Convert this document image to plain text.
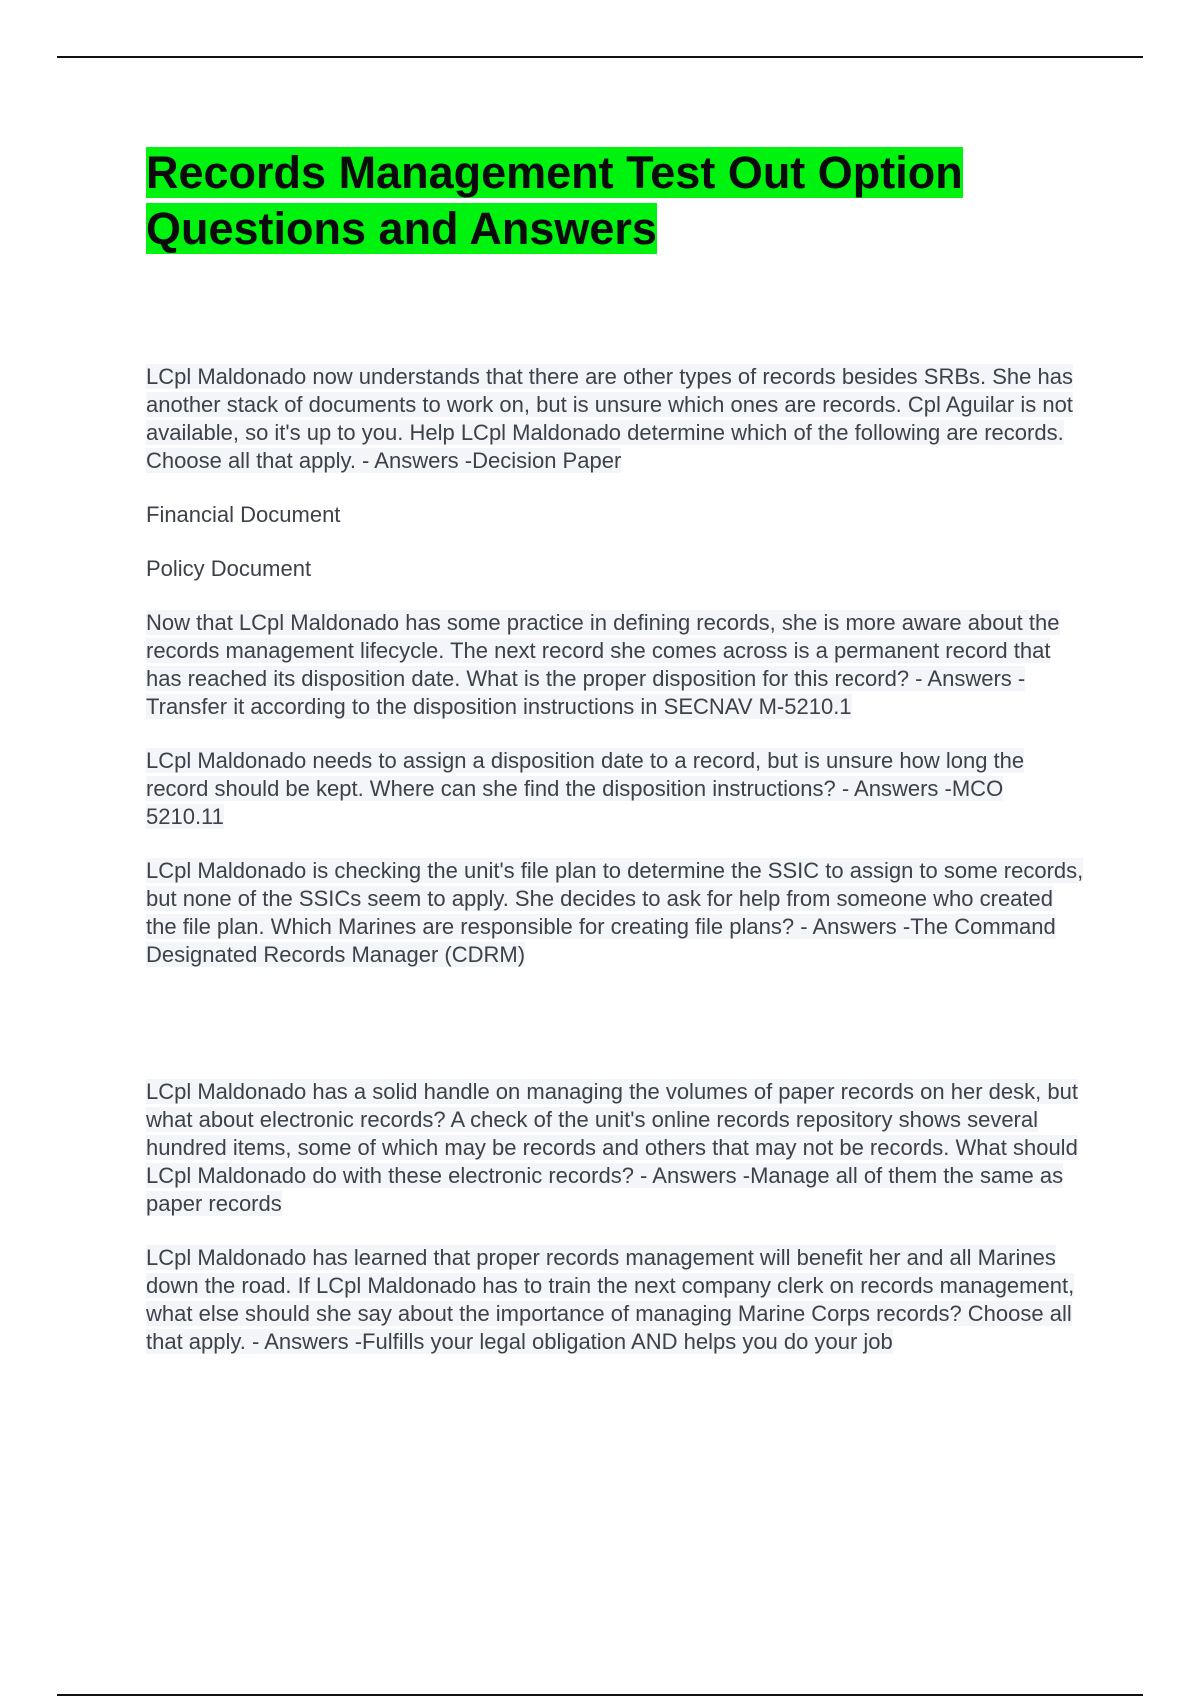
Records Management Test Out Option Questions and Answers

LCpl Maldonado now understands that there are other types of records besides SRBs. She has another stack of documents to work on, but is unsure which ones are records. Cpl Aguilar is not available, so it's up to you. Help LCpl Maldonado determine which of the following are records. Choose all that apply. - Answers -Decision Paper

Financial Document

Policy Document

Now that LCpl Maldonado has some practice in defining records, she is more aware about the records management lifecycle. The next record she comes across is a permanent record that has reached its disposition date. What is the proper disposition for this record? - Answers -Transfer it according to the disposition instructions in SECNAV M-5210.1

LCpl Maldonado needs to assign a disposition date to a record, but is unsure how long the record should be kept. Where can she find the disposition instructions? - Answers -MCO 5210.11

LCpl Maldonado is checking the unit's file plan to determine the SSIC to assign to some records, but none of the SSICs seem to apply. She decides to ask for help from someone who created the file plan. Which Marines are responsible for creating file plans? - Answers -The Command Designated Records Manager (CDRM)

LCpl Maldonado has a solid handle on managing the volumes of paper records on her desk, but what about electronic records? A check of the unit's online records repository shows several hundred items, some of which may be records and others that may not be records. What should LCpl Maldonado do with these electronic records? - Answers -Manage all of them the same as paper records

LCpl Maldonado has learned that proper records management will benefit her and all Marines down the road. If LCpl Maldonado has to train the next company clerk on records management, what else should she say about the importance of managing Marine Corps records? Choose all that apply. - Answers -Fulfills your legal obligation AND helps you do your job
